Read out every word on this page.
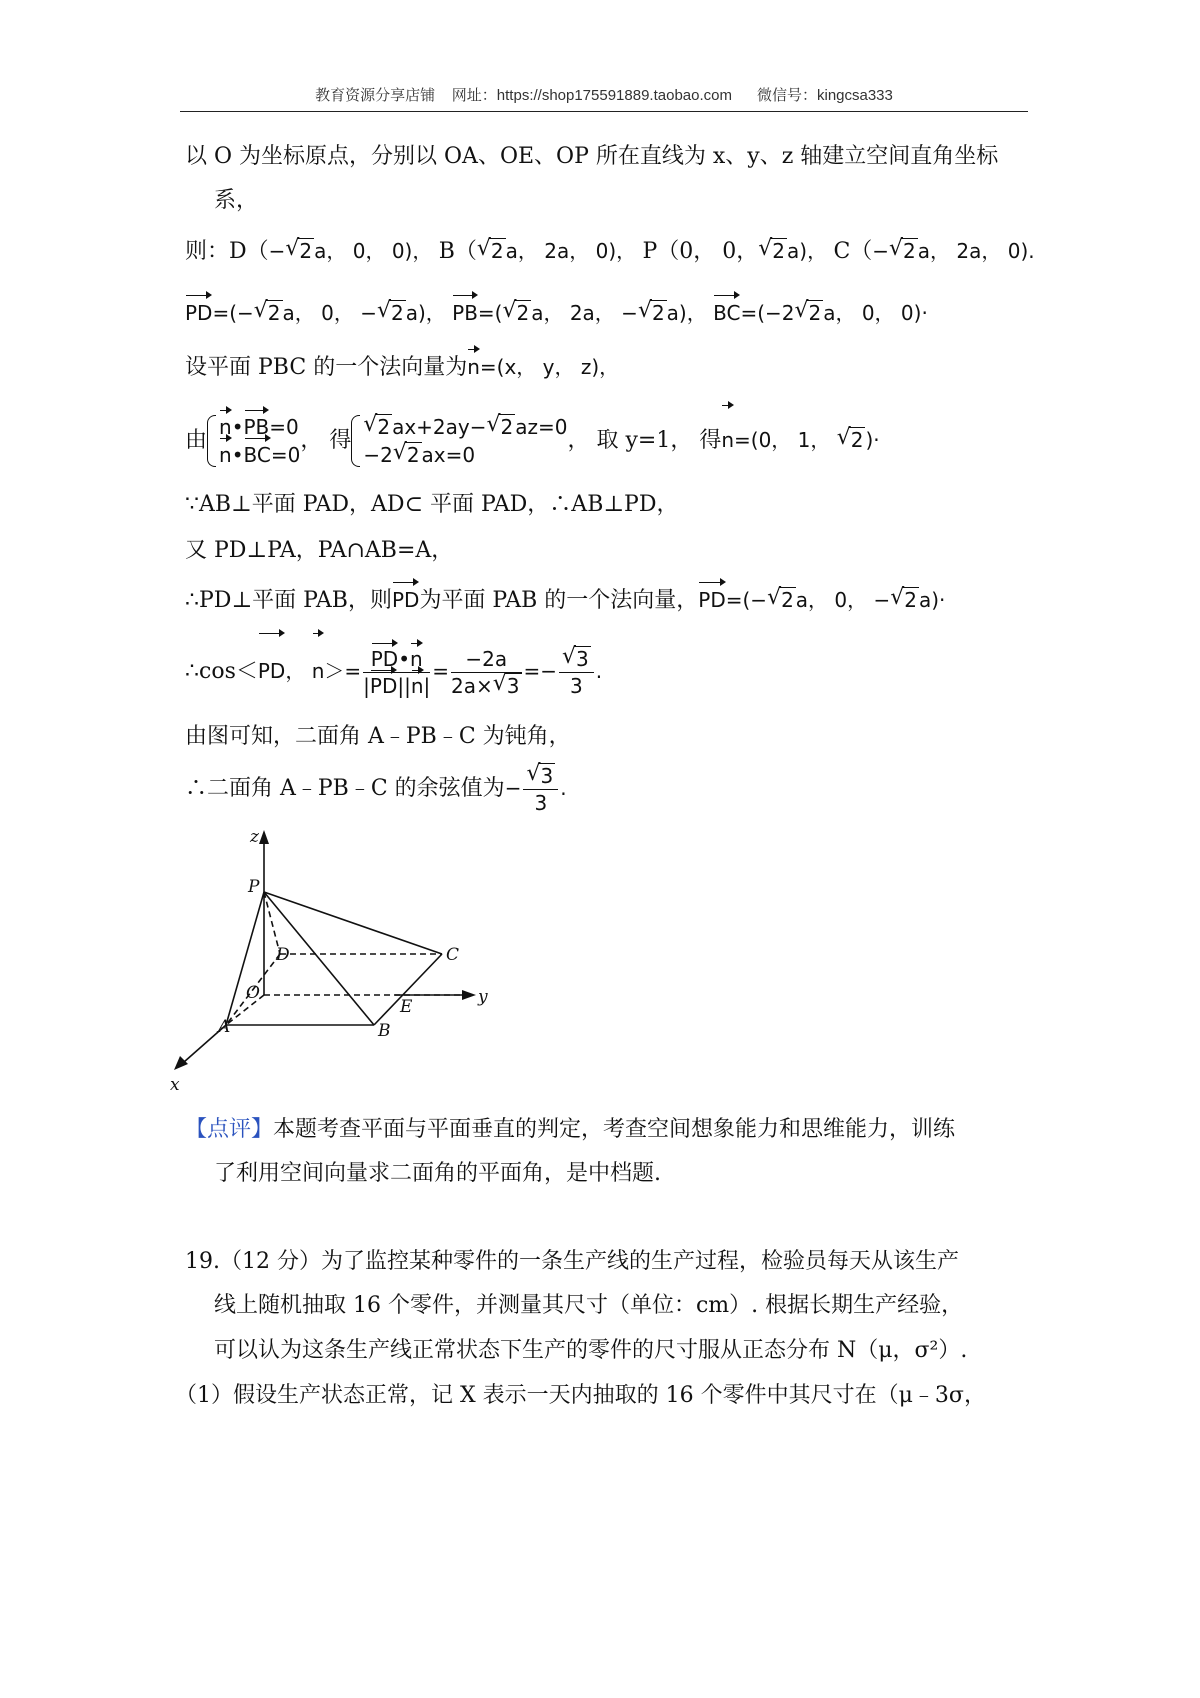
教育资源分享店铺    网址：https://shop175591889.taobao.com      微信号：kingcsa333
以 O 为坐标原点，分别以 OA、OE、OP 所在直线为 x、y、z 轴建立空间直角坐标
系，
则：D（− √ 2 a， 0， 0)， B（ √ 2 a， 2a， 0)， P（0， 0， √ 2 a)， C（− √ 2 a， 2a， 0).
PD=(− √ 2 a， 0， − √ 2 a)， PB=( √ 2 a， 2a， − √ 2 a)， BC=(−2 √ 2 a， 0， 0)·
设平面 PBC 的一个法向量为n=(x， y， z)，
由
n•PB=0
n•BC=0
， 得
√ 2 ax+2ay− √ 2 az=0
−2 √ 2 ax=0
， 取 y=1， 得n=(0， 1， √ 2 )·
∵AB⊥平面 PAD，AD⊂ 平面 PAD，∴AB⊥PD，
又 PD⊥PA，PA∩AB=A，
∴PD⊥平面 PAB，则PD为平面 PAB 的一个法向量，PD=(− √ 2 a， 0， − √ 2 a)·
∴cos＜PD， $n>= \frac{PD•n}{|PD||n|} = \frac{-2a}{2a\times √ 3} =- \frac{√ 3}{3}$ .
由图可知，二面角 A﹣PB﹣C 为钝角，
∴二面角 A﹣PB﹣C 的余弦值为− $\frac{√ 3}{3}$ .
z
P
D	C
O	y
E
A	B
x
【点评】本题考查平面与平面垂直的判定，考查空间想象能力和思维能力，训练
了利用空间向量求二面角的平面角，是中档题.
19.（12 分）为了监控某种零件的一条生产线的生产过程，检验员每天从该生产
线上随机抽取 16 个零件，并测量其尺寸（单位：cm）. 根据长期生产经验，
可以认为这条生产线正常状态下生产的零件的尺寸服从正态分布 N（μ，σ²）.
（1）假设生产状态正常，记 X 表示一天内抽取的 16 个零件中其尺寸在（μ﹣3σ，
